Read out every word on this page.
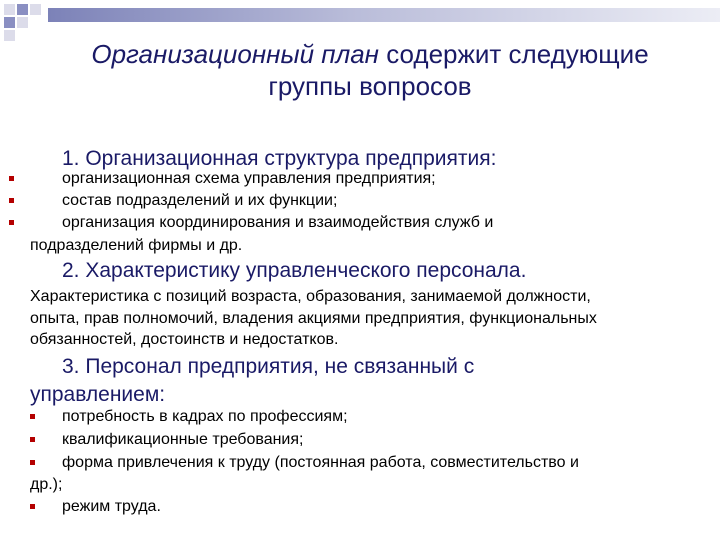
Организационный план содержит следующие
группы вопросов
1. Организационная структура предприятия:
организационная схема управления предприятия;
состав подразделений и их функции;
организация координирования и взаимодействия служб и
подразделений фирмы и др.
2. Характеристику управленческого персонала.
Характеристика с позиций возраста, образования, занимаемой должности,
опыта, прав полномочий, владения акциями предприятия, функциональных
обязанностей, достоинств и недостатков.
3. Персонал предприятия, не связанный с
управлением:
потребность в кадрах по профессиям;
квалификационные требования;
форма привлечения к труду (постоянная работа, совместительство и
др.);
режим труда.
